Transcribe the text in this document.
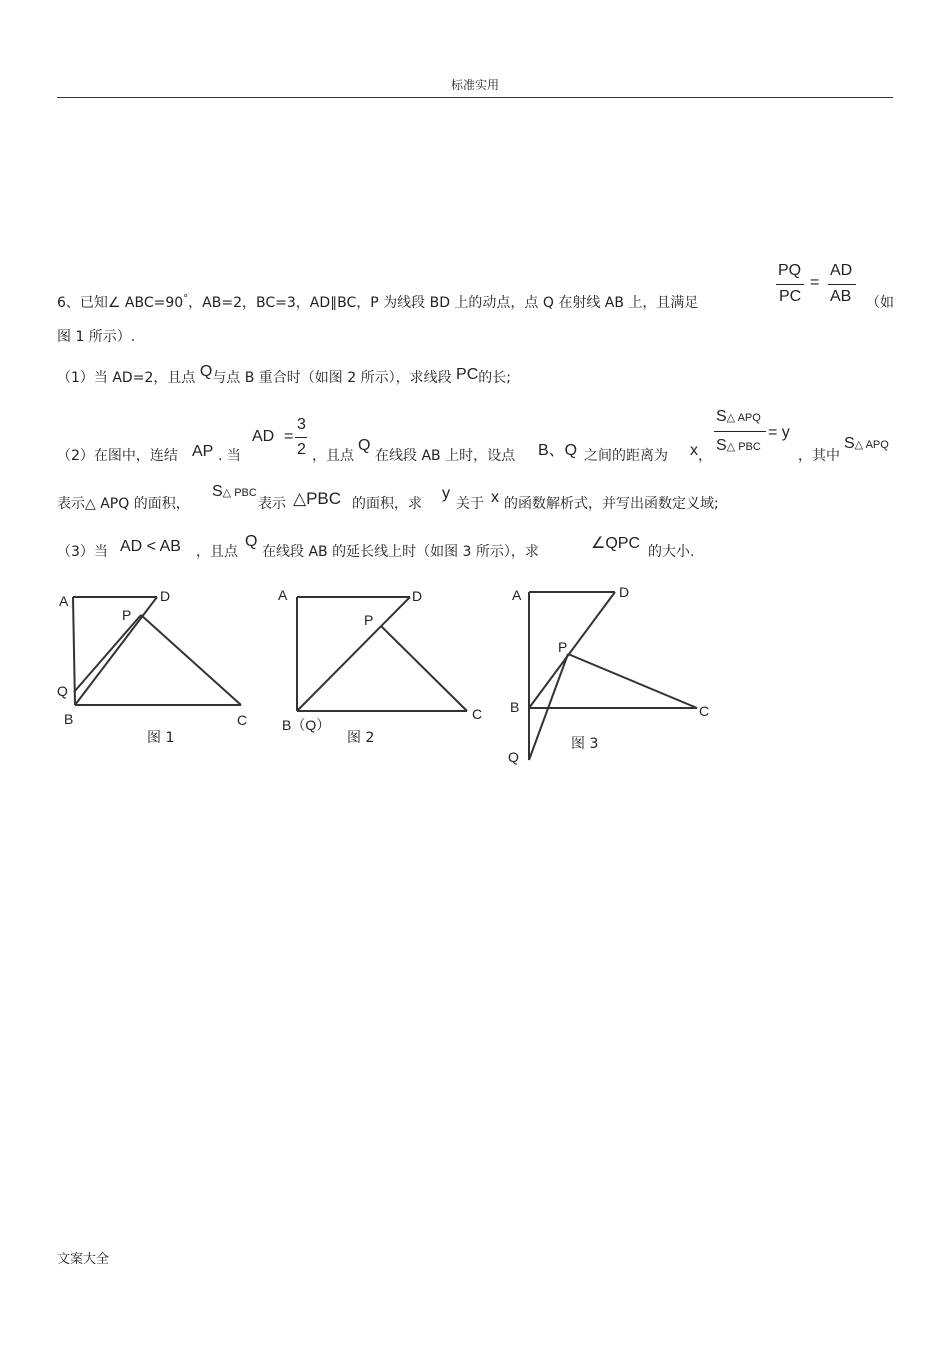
标准实用
6、已知∠ ABC=90°，AB=2，BC=3，AD∥BC，P 为线段 BD 上的动点，点 Q 在射线 AB 上，且满足
PQ
PC
=
AD
AB （如
图 1 所示）.
（1）当 AD=2，且点 Q与点 B 重合时（如图 2 所示），求线段 PC的长;
（2）在图中，连结 AP . 当
AD =
3
2 ，且点
Q
在线段 AB 上时，设点 B、Q 之间的距离为 x ，
S△ APQ
S△ PBC
= y
，其中
S△ APQ
表示△ APQ 的面积，
S△ PBC
表示 △PBC 的面积，求
y
关于 x 的函数解析式，并写出函数定义域;
（3）当 AD < AB ，且点
Q
在线段 AB 的延长线上时（如图 3 所示），求	∠QPC 的大小.
A	D
P
Q
B	C
图 1
A	D
P
B（Q）
C
图 2
A	D
P
B	C
Q
图 3
文案大全
